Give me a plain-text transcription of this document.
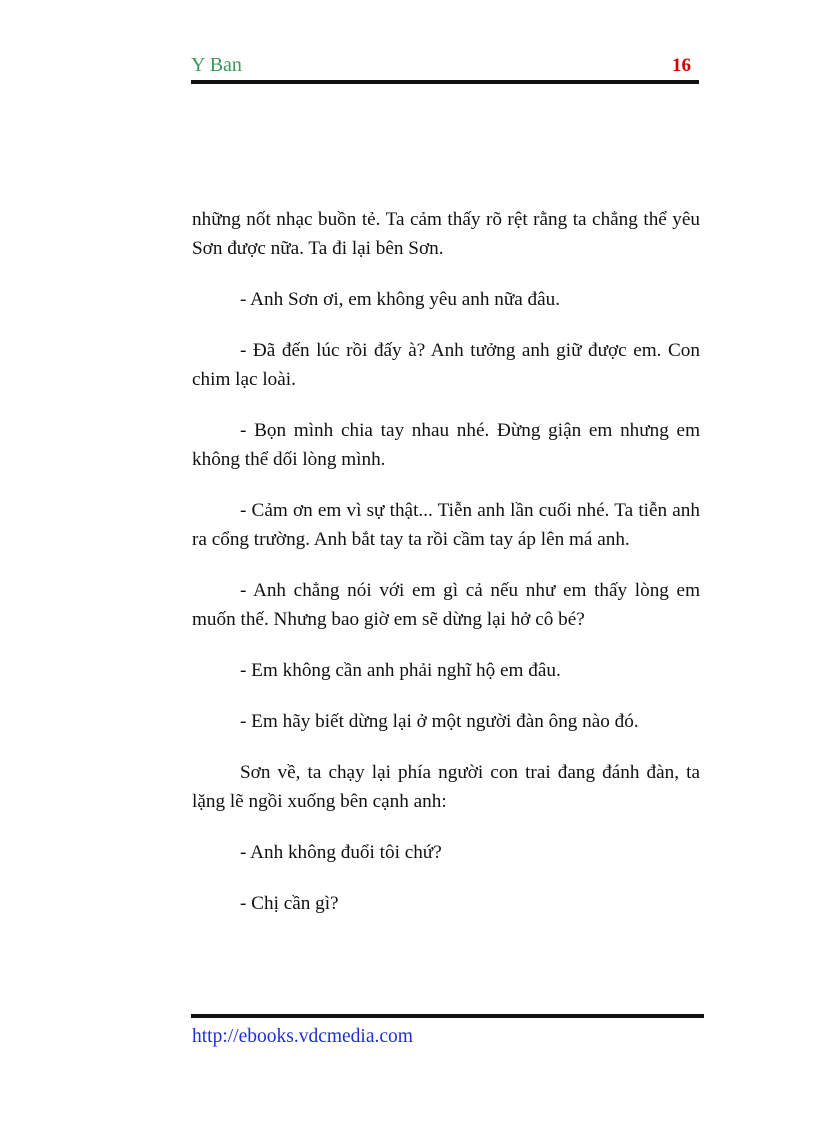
Y Ban	16

những nốt nhạc buồn tẻ. Ta cảm thấy rõ rệt rằng ta chẳng thể yêu Sơn được nữa. Ta đi lại bên Sơn.

- Anh Sơn ơi, em không yêu anh nữa đâu.

- Đã đến lúc rồi đấy à? Anh tưởng anh giữ được em. Con chim lạc loài.

- Bọn mình chia tay nhau nhé. Đừng giận em nhưng em không thể dối lòng mình.

- Cảm ơn em vì sự thật... Tiễn anh lần cuối nhé. Ta tiễn anh ra cổng trường. Anh bắt tay ta rồi cầm tay áp lên má anh.

- Anh chẳng nói với em gì cả nếu như em thấy lòng em muốn thế. Nhưng bao giờ em sẽ dừng lại hở cô bé?

- Em không cần anh phải nghĩ hộ em đâu.

- Em hãy biết dừng lại ở một người đàn ông nào đó.

Sơn về, ta chạy lại phía người con trai đang đánh đàn, ta lặng lẽ ngồi xuống bên cạnh anh:

- Anh không đuổi tôi chứ?

- Chị cần gì?

http://ebooks.vdcmedia.com
